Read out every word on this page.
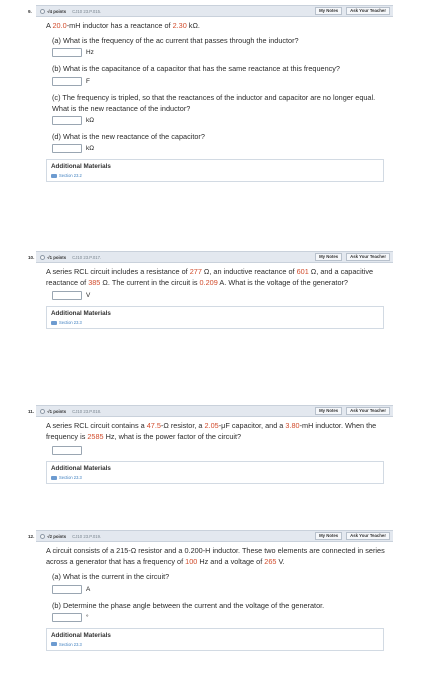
9.	-/4 points CJ10 23.P.015.	My Notes	Ask Your Teacher
A 20.0-mH inductor has a reactance of 2.30 kΩ.
(a) What is the frequency of the ac current that passes through the inductor?
Hz
(b) What is the capacitance of a capacitor that has the same reactance at this frequency?
F
(c) The frequency is tripled, so that the reactances of the inductor and capacitor are no longer equal. What is the new reactance of the inductor?
kΩ
(d) What is the new reactance of the capacitor?
kΩ
Additional Materials
Section 23.2
10.	-/1 points CJ10 23.P.017.	My Notes	Ask Your Teacher
A series RCL circuit includes a resistance of 277 Ω, an inductive reactance of 601 Ω, and a capacitive reactance of 385 Ω. The current in the circuit is 0.209 A. What is the voltage of the generator?
V
Additional Materials
Section 23.3
11.	-/1 points CJ10 23.P.018.	My Notes	Ask Your Teacher
A series RCL circuit contains a 47.5-Ω resistor, a 2.05-μF capacitor, and a 3.80-mH inductor. When the frequency is 2585 Hz, what is the power factor of the circuit?
Additional Materials
Section 23.3
12.	-/2 points CJ10 23.P.019.	My Notes	Ask Your Teacher
A circuit consists of a 215-Ω resistor and a 0.200-H inductor. These two elements are connected in series across a generator that has a frequency of 100 Hz and a voltage of 265 V.
(a) What is the current in the circuit?
A
(b) Determine the phase angle between the current and the voltage of the generator.
°
Additional Materials
Section 23.3
